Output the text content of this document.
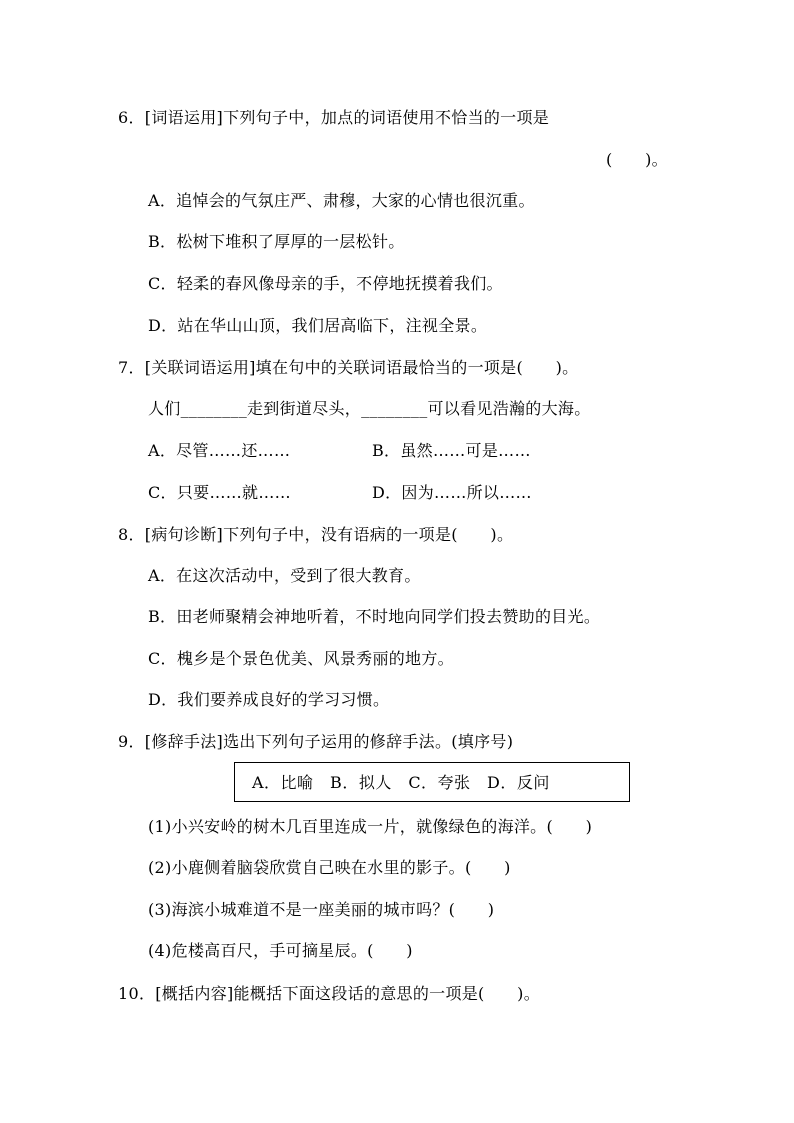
6．[词语运用]下列句子中，加点的词语使用不恰当的一项是
(　　)。
A．追悼会的气氛庄严、肃穆，大家的心情也很沉重。
B．松树下堆积了厚厚的一层松针。
C．轻柔的春风像母亲的手，不停地抚摸着我们。
D．站在华山山顶，我们居高临下，注视全景。
7．[关联词语运用]填在句中的关联词语最恰当的一项是(　　)。
人们________走到街道尽头，________可以看见浩瀚的大海。
A．尽管……还……	B．虽然……可是……
C．只要……就……	D．因为……所以……
8．[病句诊断]下列句子中，没有语病的一项是(　　)。
A．在这次活动中，受到了很大教育。
B．田老师聚精会神地听着，不时地向同学们投去赞助的目光。
C．槐乡是个景色优美、风景秀丽的地方。
D．我们要养成良好的学习习惯。
9．[修辞手法]选出下列句子运用的修辞手法。(填序号)
A．比喻　B．拟人　C．夸张　D．反问
(1)小兴安岭的树木几百里连成一片，就像绿色的海洋。(　　)
(2)小鹿侧着脑袋欣赏自己映在水里的影子。(　　)
(3)海滨小城难道不是一座美丽的城市吗？(　　)
(4)危楼高百尺，手可摘星辰。(　　)
10．[概括内容]能概括下面这段话的意思的一项是(　　)。
